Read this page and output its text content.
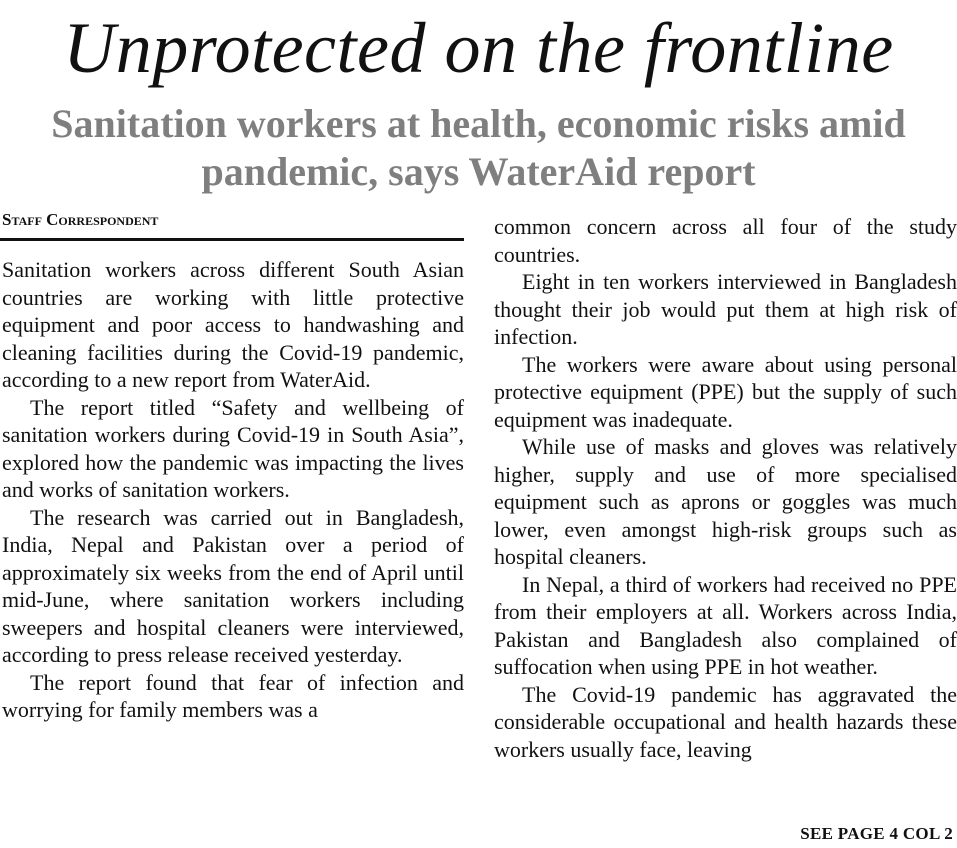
Unprotected on the frontline
Sanitation workers at health, economic risks amid pandemic, says WaterAid report
Staff Correspondent

Sanitation workers across different South Asian countries are working with little protective equipment and poor access to handwashing and cleaning facilities during the Covid-19 pandemic, according to a new report from WaterAid.

The report titled “Safety and wellbeing of sanitation workers during Covid-19 in South Asia”, explored how the pandemic was impacting the lives and works of sanitation workers.

The research was carried out in Bangladesh, India, Nepal and Pakistan over a period of approximately six weeks from the end of April until mid-June, where sanitation workers including sweepers and hospital cleaners were interviewed, according to press release received yesterday.

The report found that fear of infection and worrying for family members was a

common concern across all four of the study countries.

Eight in ten workers interviewed in Bangladesh thought their job would put them at high risk of infection.

The workers were aware about using personal protective equipment (PPE) but the supply of such equipment was inadequate.

While use of masks and gloves was relatively higher, supply and use of more specialised equipment such as aprons or goggles was much lower, even amongst high-risk groups such as hospital cleaners.

In Nepal, a third of workers had received no PPE from their employers at all. Workers across India, Pakistan and Bangladesh also complained of suffocation when using PPE in hot weather.

The Covid-19 pandemic has aggravated the considerable occupational and health hazards these workers usually face, leaving

SEE PAGE 4 COL 2
